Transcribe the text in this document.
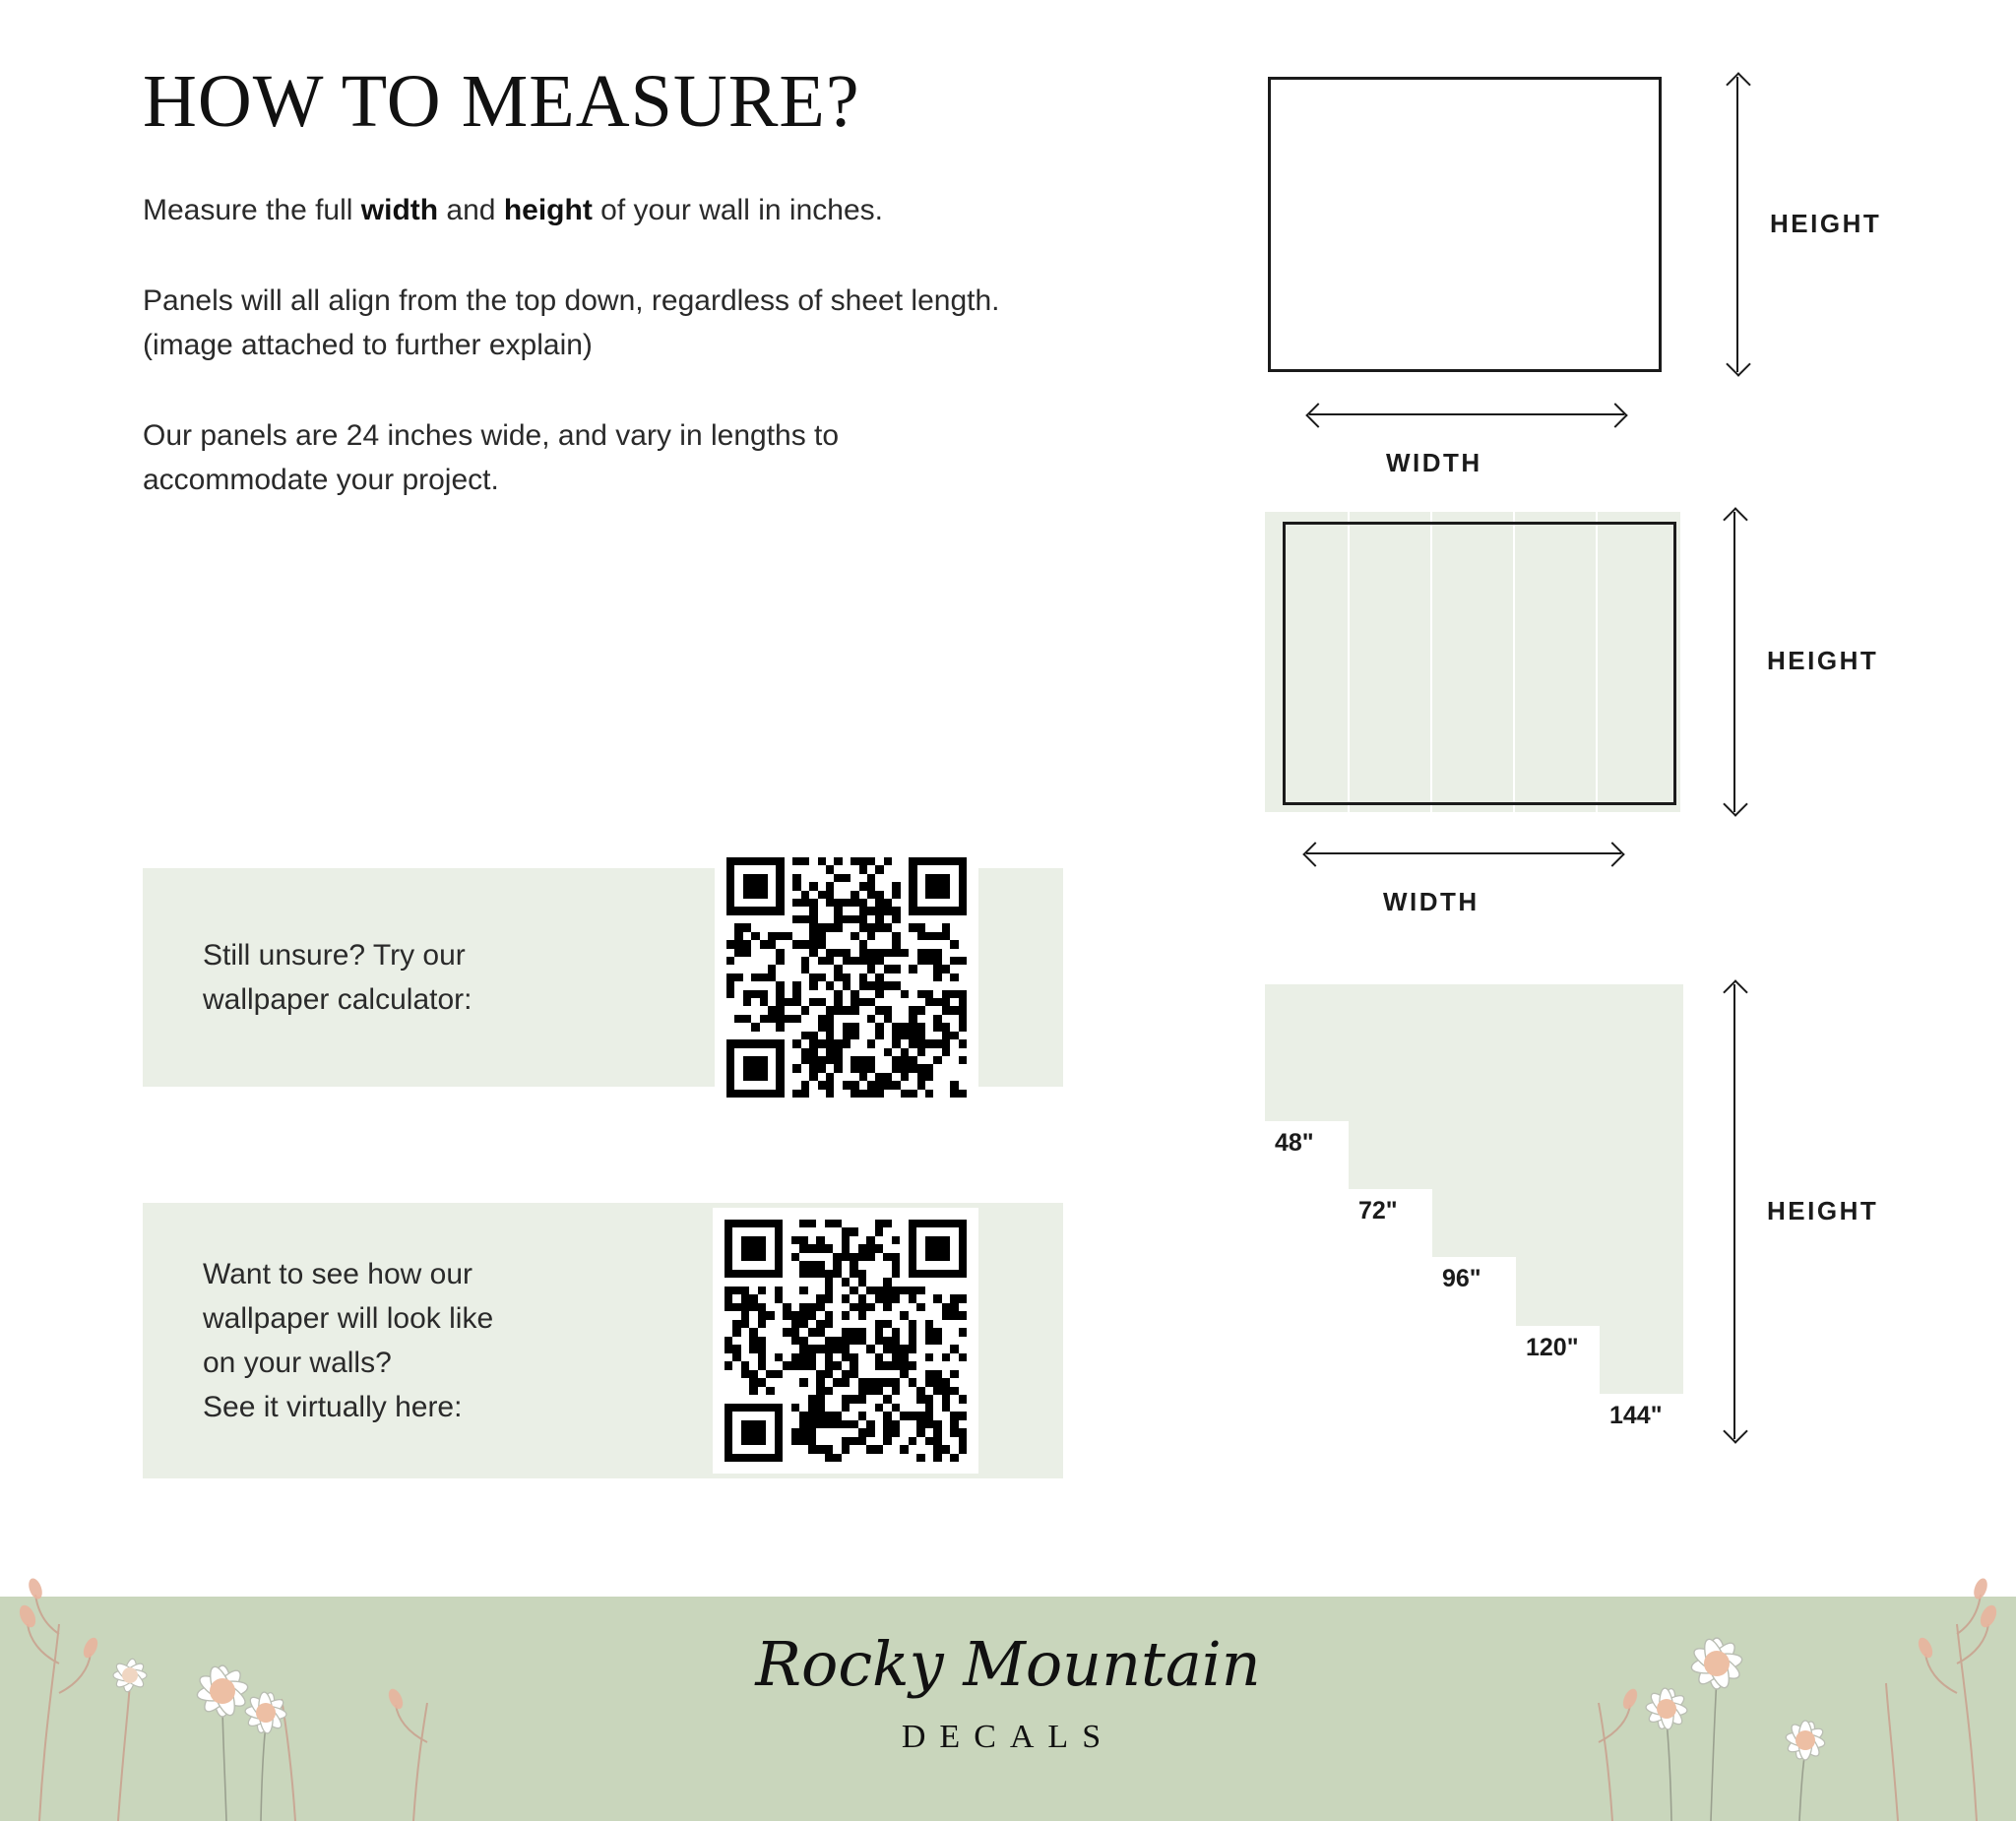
HOW TO MEASURE?

Measure the full width and height of your wall in inches.

Panels will all align from the top down, regardless of sheet length. (image attached to further explain)

Our panels are 24 inches wide, and vary in lengths to accommodate your project.

Still unsure? Try our
wallpaper calculator:
Want to see how our
wallpaper will look like
on your walls?
See it virtually here:
HEIGHT
WIDTH
HEIGHT
WIDTH
48"
72"
96"
120"
144"
HEIGHT
Rocky Mountain
DECALS
